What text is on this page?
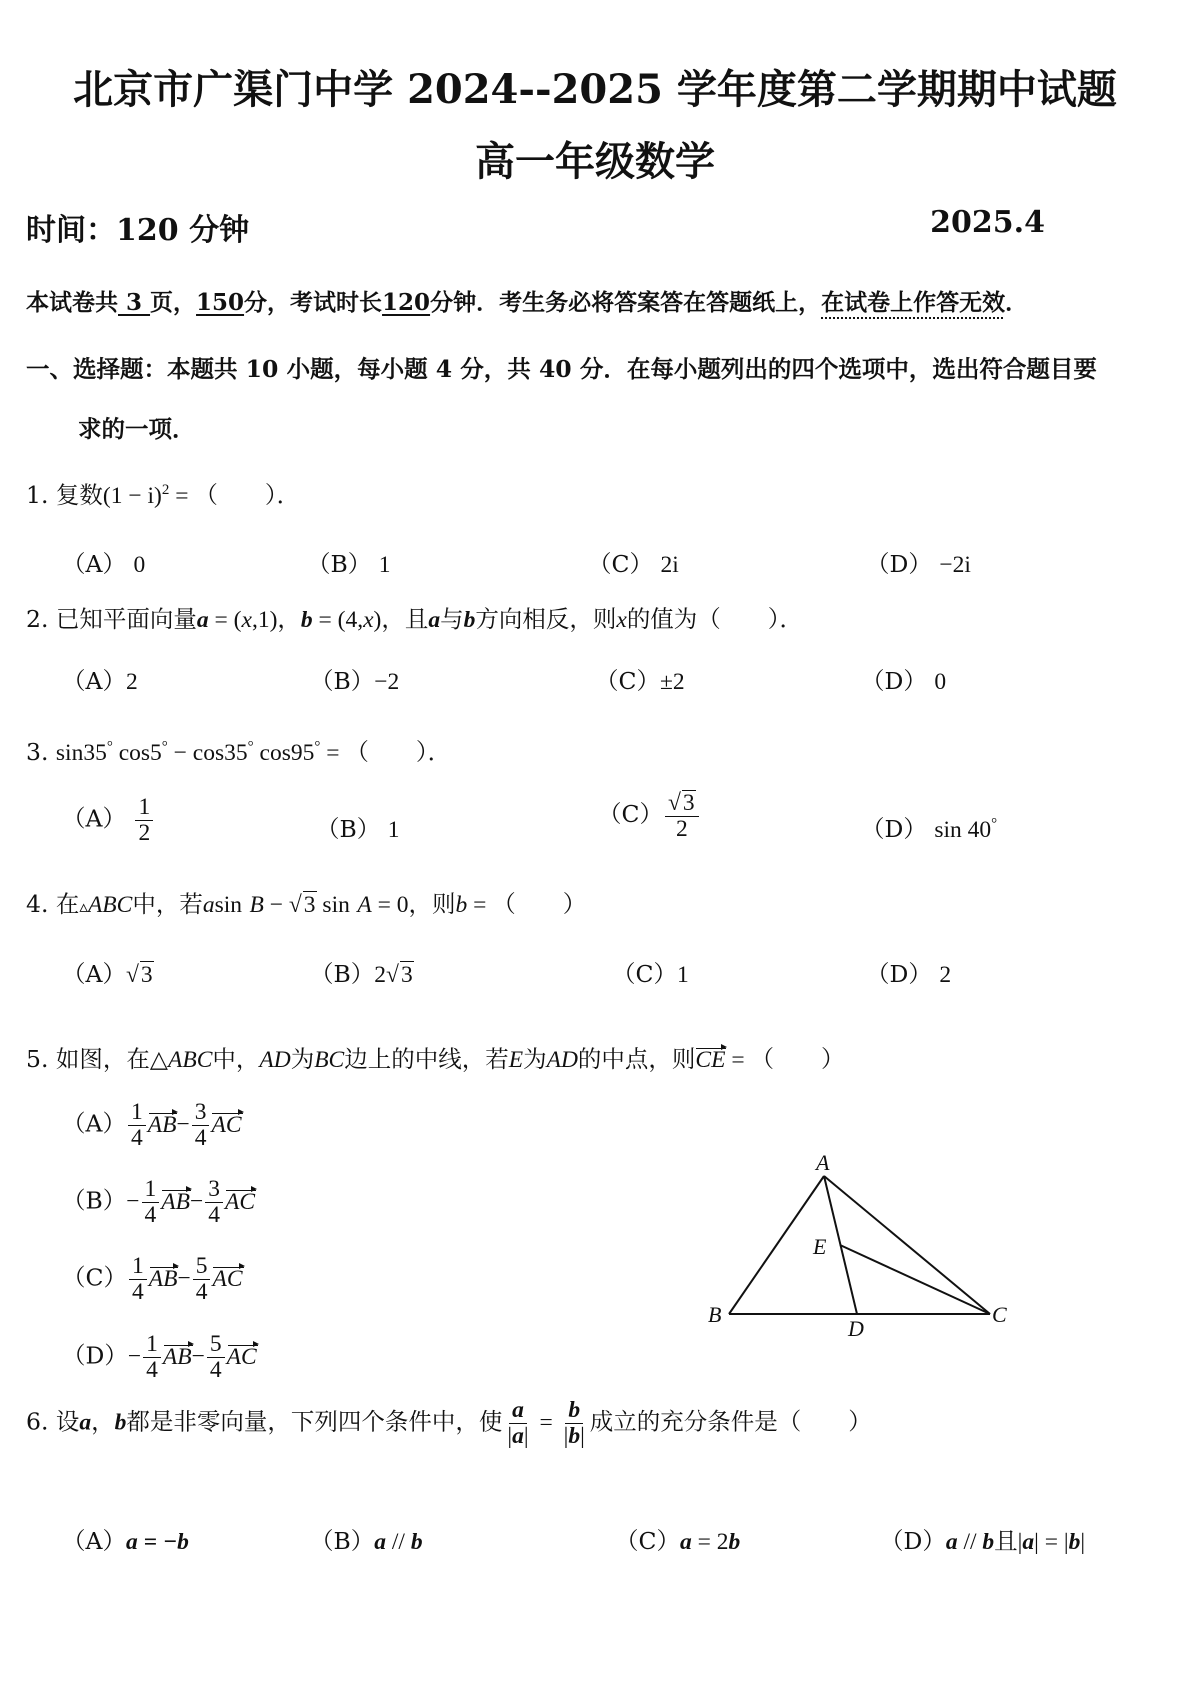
北京市广渠门中学 2024--2025 学年度第二学期期中试题
高一年级数学
时间：120 分钟	2025.4
本试卷共 3 页，150分，考试时长120分钟．考生务必将答案答在答题纸上，在试卷上作答无效．
一、选择题：本题共 10 小题，每小题 4 分，共 40 分．在每小题列出的四个选项中，选出符合题目要
求的一项．
1. 复数$(1 - i)^2$ = （　　）．
（A） 0	（B） 1	（C） 2i	（D） −2i
2. 已知平面向量a = (x,1)，b = (4,x)，且a与b方向相反，则x的值为（　　）．
（A）2	（B）−2	（C）±2	（D） 0
3. sin35° cos5° − cos35° cos95° = （　　）．
$(A) \frac{1}{2}$	（B） 1
$(C) \frac{√3}{2}$	（D） sin 40°
4. 在▵ABC中，若asin B − √3 sin A = 0，则b = （　　）
（A）√3	（B）2√3	（C）1	（D） 2
5. 如图，在△ABC中，AD为BC边上的中线，若E为AD的中点，则CE = （　　）
$(A) \frac{1}{4} AB- \frac{3}{4}$ AC
$(B)- \frac{1}{4} AB- \frac{3}{4}$ AC
$(C) \frac{1}{4} AB- \frac{5}{4}$ AC
$(D)- \frac{1}{4} AB- \frac{5}{4}$ AC
A
B	C
D
E
6. 设a，b都是非零向量，下列四个条件中，使 $\frac{a}{|a|} = \frac{b}{|b|}$ 成立的充分条件是（　　）
（A）a = −b	（B）a // b	（C）a = 2b	（D）a // b且|a| = |b|
